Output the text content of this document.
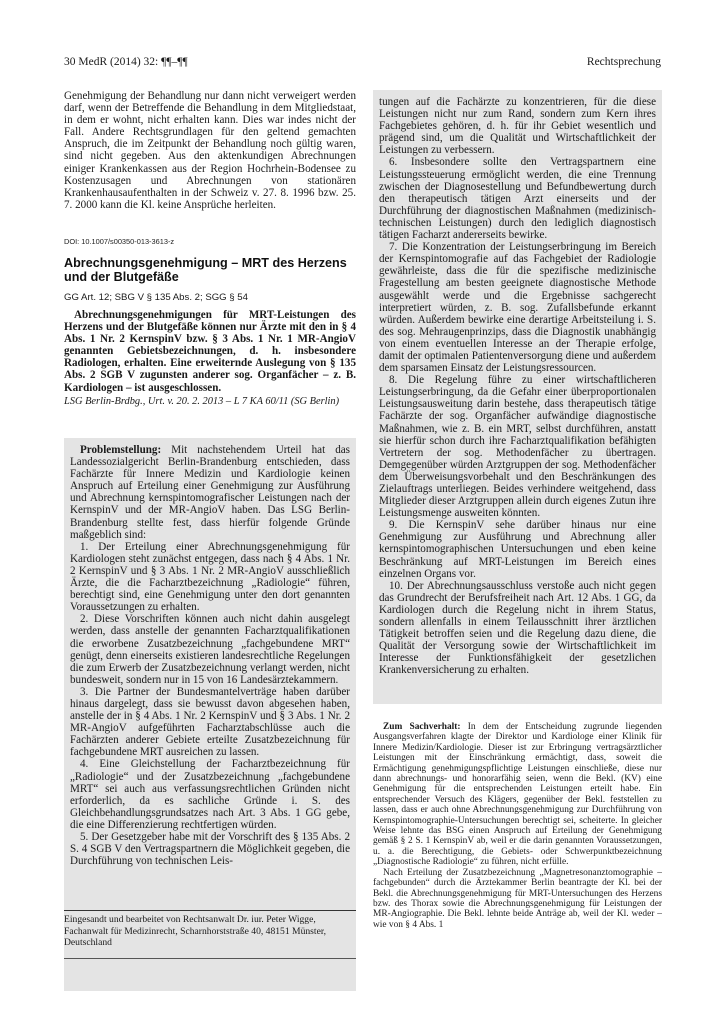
30 MedR (2014) 32: ¶¶–¶¶	Rechtsprechung

Genehmigung der Behandlung nur dann nicht verweigert werden darf, wenn der Betreffende die Behandlung in dem Mitgliedstaat, in dem er wohnt, nicht erhalten kann. Dies war indes nicht der Fall. Andere Rechtsgrundlagen für den geltend gemachten Anspruch, die im Zeitpunkt der Behandlung noch gültig waren, sind nicht gegeben. Aus den aktenkundigen Abrechnungen einiger Krankenkassen aus der Region Hochrhein-Bodensee zu Kostenzusagen und Abrechnungen von stationären Krankenhausaufenthalten in der Schweiz v. 27. 8. 1996 bzw. 25. 7. 2000 kann die Kl. keine Ansprüche herleiten.

DOI: 10.1007/s00350-013-3613-z
Abrechnungsgenehmigung – MRT des Herzens und der Blutgefäße
GG Art. 12; SBG V § 135 Abs. 2; SGG § 54
Abrechnungsgenehmigungen für MRT-Leistungen des Herzens und der Blutgefäße können nur Ärzte mit den in § 4 Abs. 1 Nr. 2 KernspinV bzw. § 3 Abs. 1 Nr. 1 MR-AngioV genannten Gebietsbezeichnungen, d. h. insbesondere Radiologen, erhalten. Eine erweiternde Auslegung von § 135 Abs. 2 SGB V zugunsten anderer sog. Organfächer – z. B. Kardiologen – ist ausgeschlossen.
LSG Berlin-Brdbg., Urt. v. 20. 2. 2013 – L 7 KA 60/11 (SG Berlin)

Problemstellung: Mit nachstehendem Urteil hat das Landessozialgericht Berlin-Brandenburg entschieden, dass Fachärzte für Innere Medizin und Kardiologie keinen Anspruch auf Erteilung einer Genehmigung zur Ausführung und Abrechnung kernspintomografischer Leistungen nach der KernspinV und der MR-AngioV haben. Das LSG Berlin-Brandenburg stellte fest, dass hierfür folgende Gründe maßgeblich sind:

1. Der Erteilung einer Abrechnungsgenehmigung für Kardiologen steht zunächst entgegen, dass nach § 4 Abs. 1 Nr. 2 KernspinV und § 3 Abs. 1 Nr. 2 MR-AngioV ausschließlich Ärzte, die die Facharztbezeichnung „Radiologie“ führen, berechtigt sind, eine Genehmigung unter den dort genannten Voraussetzungen zu erhalten.

2. Diese Vorschriften können auch nicht dahin ausgelegt werden, dass anstelle der genannten Facharztqualifikationen die erworbene Zusatzbezeichnung „fachgebundene MRT“ genügt, denn einerseits existieren landesrechtliche Regelungen die zum Erwerb der Zusatzbezeichnung verlangt werden, nicht bundesweit, sondern nur in 15 von 16 Landesärztekammern.

3. Die Partner der Bundesmantelverträge haben darüber hinaus dargelegt, dass sie bewusst davon abgesehen haben, anstelle der in § 4 Abs. 1 Nr. 2 KernspinV und § 3 Abs. 1 Nr. 2 MR-AngioV aufgeführten Facharztabschlüsse auch die Fachärzten anderer Gebiete erteilte Zusatzbezeichnung für fachgebundene MRT ausreichen zu lassen.

4. Eine Gleichstellung der Facharztbezeichnung für „Radiologie“ und der Zusatzbezeichnung „fachgebundene MRT“ sei auch aus verfassungsrechtlichen Gründen nicht erforderlich, da es sachliche Gründe i. S. des Gleichbehandlungsgrundsatzes nach Art. 3 Abs. 1 GG gebe, die eine Differenzierung rechtfertigen würden.

5. Der Gesetzgeber habe mit der Vorschrift des § 135 Abs. 2 S. 4 SGB V den Vertragspartnern die Möglichkeit gegeben, die Durchführung von technischen Leis-

Eingesandt und bearbeitet von Rechtsanwalt Dr. iur. Peter Wigge, Fachanwalt für Medizinrecht, Scharnhorststraße 40, 48151 Münster, Deutschland

tungen auf die Fachärzte zu konzentrieren, für die diese Leistungen nicht nur zum Rand, sondern zum Kern ihres Fachgebietes gehören, d. h. für ihr Gebiet wesentlich und prägend sind, um die Qualität und Wirtschaftlichkeit der Leistungen zu verbessern.

6. Insbesondere sollte den Vertragspartnern eine Leistungssteuerung ermöglicht werden, die eine Trennung zwischen der Diagnosestellung und Befundbewertung durch den therapeutisch tätigen Arzt einerseits und der Durchführung der diagnostischen Maßnahmen (medizinisch-technischen Leistungen) durch den lediglich diagnostisch tätigen Facharzt andererseits bewirke.

7. Die Konzentration der Leistungserbringung im Bereich der Kernspintomografie auf das Fachgebiet der Radiologie gewährleiste, dass die für die spezifische medizinische Fragestellung am besten geeignete diagnostische Methode ausgewählt werde und die Ergebnisse sachgerecht interpretiert würden, z. B. sog. Zufallsbefunde erkannt würden. Außerdem bewirke eine derartige Arbeitsteilung i. S. des sog. Mehraugenprinzips, dass die Diagnostik unabhängig von einem eventuellen Interesse an der Therapie erfolge, damit der optimalen Patientenversorgung diene und außerdem dem sparsamen Einsatz der Leistungsressourcen.

8. Die Regelung führe zu einer wirtschaftlicheren Leistungserbringung, da die Gefahr einer überproportionalen Leistungsausweitung darin bestehe, dass therapeutisch tätige Fachärzte der sog. Organfächer aufwändige diagnostische Maßnahmen, wie z. B. ein MRT, selbst durchführen, anstatt sie hierfür schon durch ihre Facharztqualifikation befähigten Vertretern der sog. Methodenfächer zu übertragen. Demgegenüber würden Arztgruppen der sog. Methodenfächer dem Überweisungsvorbehalt und den Beschränkungen des Zielauftrags unterliegen. Beides verhindere weitgehend, dass Mitglieder dieser Arztgruppen allein durch eigenes Zutun ihre Leistungsmenge ausweiten könnten.

9. Die KernspinV sehe darüber hinaus nur eine Genehmigung zur Ausführung und Abrechnung aller kernspintomographischen Untersuchungen und eben keine Beschränkung auf MRT-Leistungen im Bereich eines einzelnen Organs vor.

10. Der Abrechnungsausschluss verstoße auch nicht gegen das Grundrecht der Berufsfreiheit nach Art. 12 Abs. 1 GG, da Kardiologen durch die Regelung nicht in ihrem Status, sondern allenfalls in einem Teilausschnitt ihrer ärztlichen Tätigkeit betroffen seien und die Regelung dazu diene, die Qualität der Versorgung sowie der Wirtschaftlichkeit im Interesse der Funktionsfähigkeit der gesetzlichen Krankenversicherung zu erhalten.

Zum Sachverhalt: In dem der Entscheidung zugrunde liegenden Ausgangsverfahren klagte der Direktor und Kardiologe einer Klinik für Innere Medizin/Kardiologie. Dieser ist zur Erbringung vertragsärztlicher Leistungen mit der Einschränkung ermächtigt, dass, soweit die Ermächtigung genehmigungspflichtige Leistungen einschließe, diese nur dann abrechnungs- und honorarfähig seien, wenn die Bekl. (KV) eine Genehmigung für die entsprechenden Leistungen erteilt habe. Ein entsprechender Versuch des Klägers, gegenüber der Bekl. feststellen zu lassen, dass er auch ohne Abrechnungsgenehmigung zur Durchführung von Kernspintomographie-Untersuchungen berechtigt sei, scheiterte. In gleicher Weise lehnte das BSG einen Anspruch auf Erteilung der Genehmigung gemäß § 2 S. 1 KernspinV ab, weil er die darin genannten Voraussetzungen, u. a. die Berechtigung, die Gebiets- oder Schwerpunktbezeichnung „Diagnostische Radiologie“ zu führen, nicht erfülle.

Nach Erteilung der Zusatzbezeichnung „Magnetresonanztomographie – fachgebunden“ durch die Ärztekammer Berlin beantragte der Kl. bei der Bekl. die Abrechnungsgenehmigung für MRT-Untersuchungen des Herzens bzw. des Thorax sowie die Abrechnungsgenehmigung für Leistungen der MR-Angiographie. Die Bekl. lehnte beide Anträge ab, weil der Kl. weder – wie von § 4 Abs. 1
